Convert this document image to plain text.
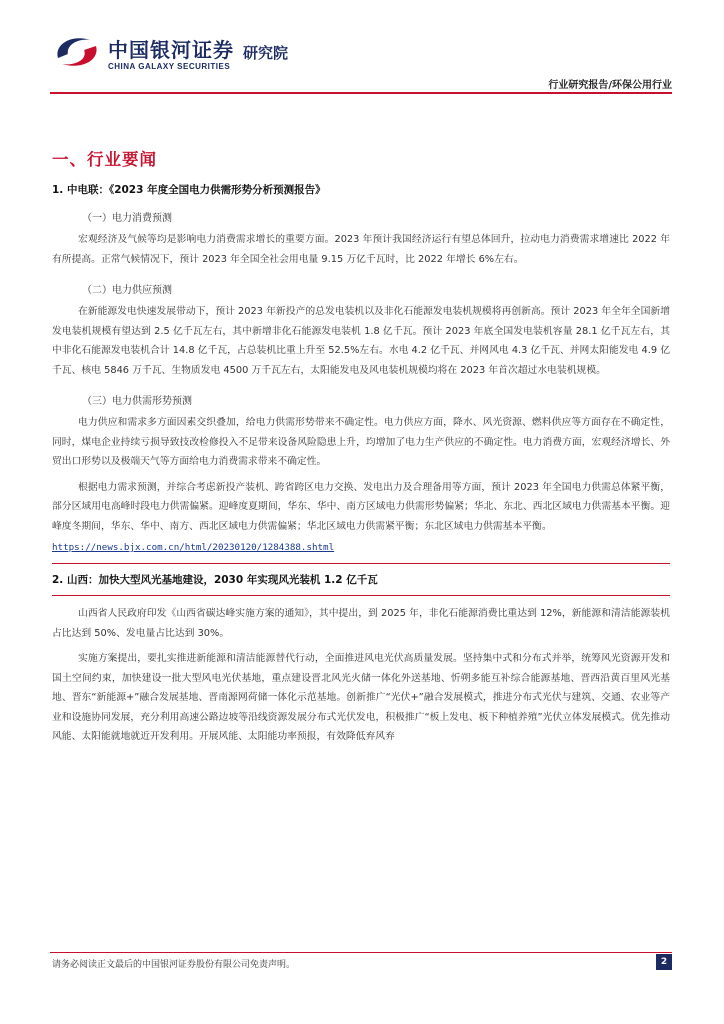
中国银河证券
CHINA GALAXY SECURITIES
研究院
行业研究报告/环保公用行业
一、行业要闻
1. 中电联：《2023 年度全国电力供需形势分析预测报告》
（一）电力消费预测

宏观经济及气候等均是影响电力消费需求增长的重要方面。2023 年预计我国经济运行有望总体回升，拉动电力消费需求增速比 2022 年有所提高。正常气候情况下，预计 2023 年全国全社会用电量 9.15 万亿千瓦时，比 2022 年增长 6%左右。

（二）电力供应预测

在新能源发电快速发展带动下，预计 2023 年新投产的总发电装机以及非化石能源发电装机规模将再创新高。预计 2023 年全年全国新增发电装机规模有望达到 2.5 亿千瓦左右，其中新增非化石能源发电装机 1.8 亿千瓦。预计 2023 年底全国发电装机容量 28.1 亿千瓦左右，其中非化石能源发电装机合计 14.8 亿千瓦，占总装机比重上升至 52.5%左右。水电 4.2 亿千瓦、并网风电 4.3 亿千瓦、并网太阳能发电 4.9 亿千瓦、核电 5846 万千瓦、生物质发电 4500 万千瓦左右，太阳能发电及风电装机规模均将在 2023 年首次超过水电装机规模。

（三）电力供需形势预测

电力供应和需求多方面因素交织叠加，给电力供需形势带来不确定性。电力供应方面，降水、风光资源、燃料供应等方面存在不确定性，同时，煤电企业持续亏损导致技改检修投入不足带来设备风险隐患上升，均增加了电力生产供应的不确定性。电力消费方面，宏观经济增长、外贸出口形势以及极端天气等方面给电力消费需求带来不确定性。

根据电力需求预测，并综合考虑新投产装机、跨省跨区电力交换、发电出力及合理备用等方面，预计 2023 年全国电力供需总体紧平衡，部分区域用电高峰时段电力供需偏紧。迎峰度夏期间，华东、华中、南方区域电力供需形势偏紧；华北、东北、西北区域电力供需基本平衡。迎峰度冬期间，华东、华中、南方、西北区域电力供需偏紧；华北区域电力供需紧平衡；东北区域电力供需基本平衡。

https://news.bjx.com.cn/html/20230120/1284388.shtml
2. 山西：加快大型风光基地建设，2030 年实现风光装机 1.2 亿千瓦

山西省人民政府印发《山西省碳达峰实施方案的通知》，其中提出，到 2025 年，非化石能源消费比重达到 12%，新能源和清洁能源装机占比达到 50%、发电量占比达到 30%。

实施方案提出，要扎实推进新能源和清洁能源替代行动，全面推进风电光伏高质量发展。坚持集中式和分布式并举，统筹风光资源开发和国土空间约束，加快建设一批大型风电光伏基地，重点建设晋北风光火储一体化外送基地、忻朔多能互补综合能源基地、晋西沿黄百里风光基地、晋东“新能源+”融合发展基地、晋南源网荷储一体化示范基地。创新推广“光伏+”融合发展模式，推进分布式光伏与建筑、交通、农业等产业和设施协同发展，充分利用高速公路边坡等沿线资源发展分布式光伏发电，积极推广“板上发电、板下种植养殖”光伏立体发展模式。优先推动风能、太阳能就地就近开发利用。开展风能、太阳能功率预报，有效降低弃风弃

请务必阅读正文最后的中国银河证券股份有限公司免责声明。	2
